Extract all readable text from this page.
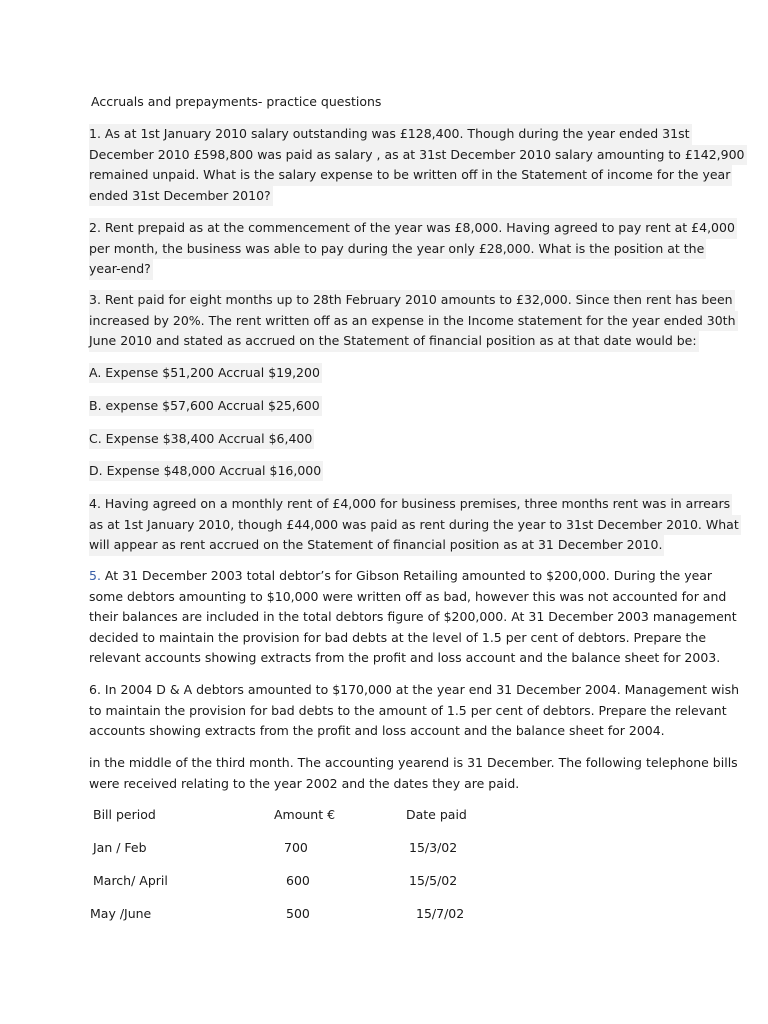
Accruals and prepayments- practice questions
1. As at 1st January 2010 salary outstanding was £128,400. Though during the year ended 31st
December 2010 £598,800 was paid as salary , as at 31st December 2010 salary amounting to £142,900
remained unpaid. What is the salary expense to be written off in the Statement of income for the year
ended 31st December 2010?
2. Rent prepaid as at the commencement of the year was £8,000. Having agreed to pay rent at £4,000
per month, the business was able to pay during the year only £28,000. What is the position at the
year-end?
3. Rent paid for eight months up to 28th February 2010 amounts to £32,000. Since then rent has been
increased by 20%. The rent written off as an expense in the Income statement for the year ended 30th
June 2010 and stated as accrued on the Statement of financial position as at that date would be:
A. Expense $51,200 Accrual $19,200
B. expense $57,600 Accrual $25,600
C. Expense $38,400 Accrual $6,400
D. Expense $48,000 Accrual $16,000
4. Having agreed on a monthly rent of £4,000 for business premises, three months rent was in arrears
as at 1st January 2010, though £44,000 was paid as rent during the year to 31st December 2010. What
will appear as rent accrued on the Statement of financial position as at 31 December 2010.
5. At 31 December 2003 total debtor’s for Gibson Retailing amounted to $200,000. During the year
some debtors amounting to $10,000 were written off as bad, however this was not accounted for and
their balances are included in the total debtors figure of $200,000. At 31 December 2003 management
decided to maintain the provision for bad debts at the level of 1.5 per cent of debtors. Prepare the
relevant accounts showing extracts from the profit and loss account and the balance sheet for 2003.
6. In 2004 D & A debtors amounted to $170,000 at the year end 31 December 2004. Management wish
to maintain the provision for bad debts to the amount of 1.5 per cent of debtors. Prepare the relevant
accounts showing extracts from the profit and loss account and the balance sheet for 2004.
in the middle of the third month. The accounting yearend is 31 December. The following telephone bills
were received relating to the year 2002 and the dates they are paid.
Bill period	Amount €	Date paid
Jan / Feb	700	15/3/02
March/ April	600	15/5/02
May /June	500	15/7/02
